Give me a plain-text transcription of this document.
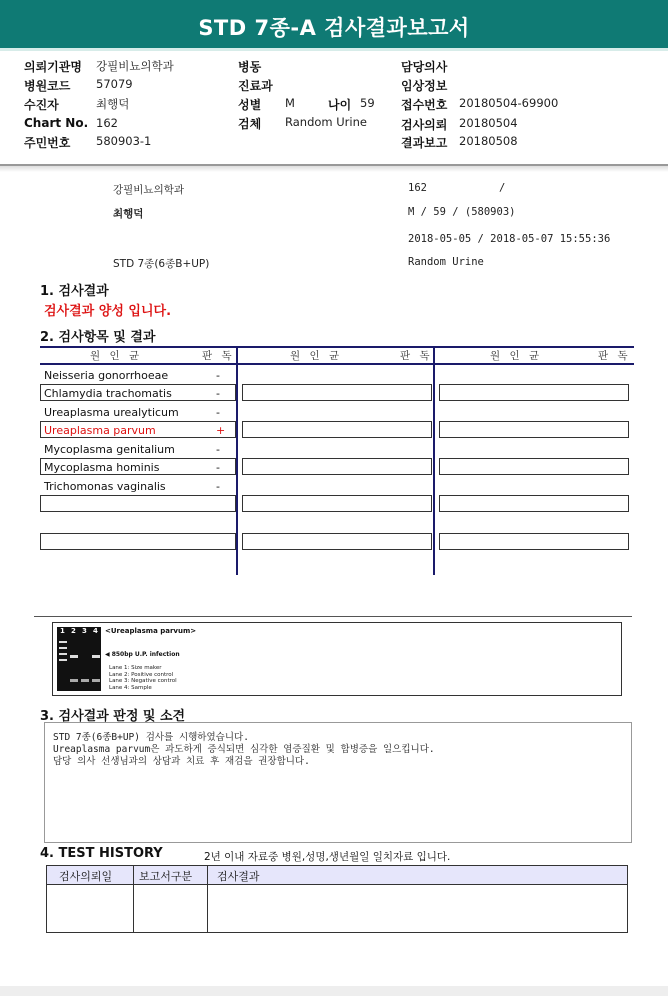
STD 7종-A 검사결과보고서
의뢰기관명 강필비뇨의학과
병원코드 57079
수진자	최행덕
Chart No. 162
주민번호 580903-1
병동
진료과
성별 M	나이 59
검체 Random Urine
담당의사
임상정보
접수번호 20180504-69900
검사의뢰 20180504
결과보고 20180508
강필비뇨의학과	162	/
최행덕	M / 59 / (580903)
2018-05-05 / 2018-05-07 15:55:36
STD 7종(6종B+UP)	Random Urine
1. 검사결과
검사결과 양성 입니다.
2. 검사항목 및 결과
원 인 균	판 독	원 인 균	판 독	원 인 균	판 독
Neisseria gonorrhoeae	-
Chlamydia trachomatis	-
Ureaplasma urealyticum	-
Ureaplasma parvum	+
Mycoplasma genitalium	-
Mycoplasma hominis	-
Trichomonas vaginalis	-
1 2 3 4 <Ureaplasma parvum>
◀ 850bp U.P. infection
Lane 1: Size maker
Lane 2: Positive control
Lane 3: Negative control
Lane 4: Sample
3. 검사결과 판정 및 소견
STD 7종(6종B+UP) 검사를 시행하였습니다.
Ureaplasma parvum은 과도하게 증식되면 심각한 염증질환 및 합병증을 일으킵니다.
담당 의사 선생님과의 상담과 치료 후 재검을 권장합니다.
4. TEST HISTORY	2년 이내 자료중 병원,성명,생년월일 일치자료 입니다.
검사의뢰일 보고서구분 검사결과
